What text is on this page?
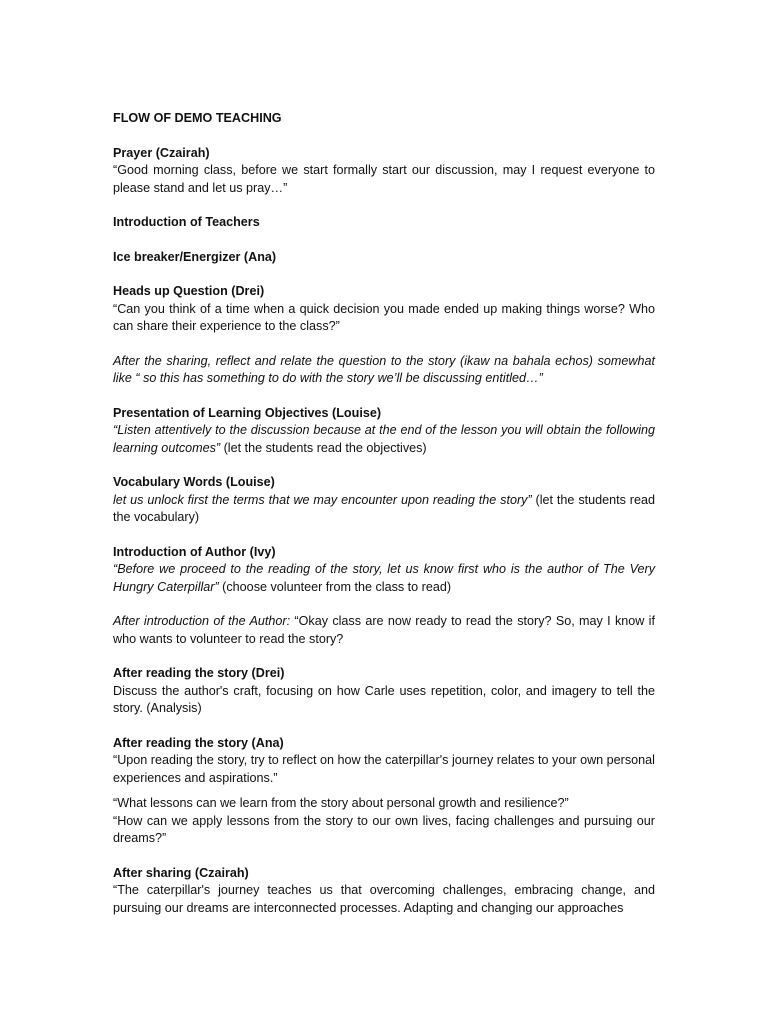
FLOW OF DEMO TEACHING
Prayer (Czairah)

“Good morning class, before we start formally start our discussion, may I request everyone to please stand and let us pray…”

Introduction of Teachers
Ice breaker/Energizer (Ana)
Heads up Question (Drei)

“Can you think of a time when a quick decision you made ended up making things worse? Who can share their experience to the class?”

After the sharing, reflect and relate the question to the story (ikaw na bahala echos) somewhat like “ so this has something to do with the story we’ll be discussing entitled…”

Presentation of Learning Objectives (Louise)

“Listen attentively to the discussion because at the end of the lesson you will obtain the following learning outcomes” (let the students read the objectives)

Vocabulary Words (Louise)

let us unlock first the terms that we may encounter upon reading the story” (let the students read the vocabulary)

Introduction of Author (Ivy)

“Before we proceed to the reading of the story, let us know first who is the author of The Very Hungry Caterpillar” (choose volunteer from the class to read)

After introduction of the Author: “Okay class are now ready to read the story? So, may I know if who wants to volunteer to read the story?

After reading the story (Drei)

Discuss the author's craft, focusing on how Carle uses repetition, color, and imagery to tell the story. (Analysis)

After reading the story (Ana)

“Upon reading the story, try to reflect on how the caterpillar's journey relates to your own personal experiences and aspirations.”

“What lessons can we learn from the story about personal growth and resilience?”

“How can we apply lessons from the story to our own lives, facing challenges and pursuing our dreams?”

After sharing (Czairah)

“The caterpillar's journey teaches us that overcoming challenges, embracing change, and pursuing our dreams are interconnected processes. Adapting and changing our approaches
